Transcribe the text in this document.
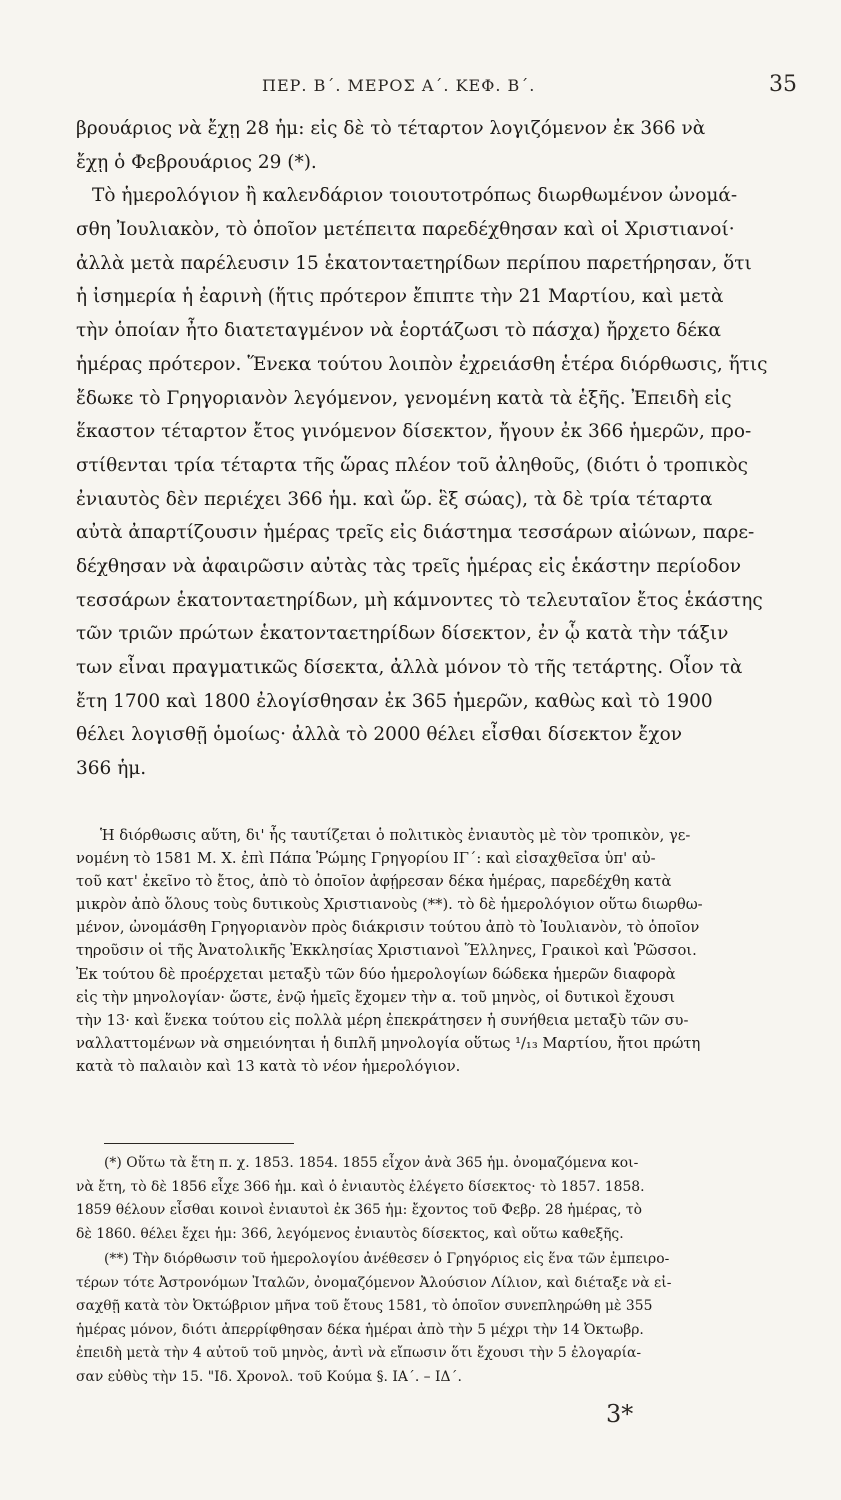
ΠΕΡ. Β΄. ΜΕΡΟΣ Α΄. ΚΕΦ. Β΄.	35
βρουάριος νὰ ἔχῃ 28 ἡμ: εἰς δὲ τὸ τέταρτον λογιζόμενον ἐκ 366 νὰ
ἔχῃ ὁ Φεβρουάριος 29 (*).
Τὸ ἡμερολόγιον ἢ καλενδάριον τοιουτοτρόπως διωρθωμένον ὠνομά-
σθη Ἰουλιακὸν, τὸ ὁποῖον μετέπειτα παρεδέχθησαν καὶ οἱ Χριστιανοί·
ἀλλὰ μετὰ παρέλευσιν 15 ἑκατονταετηρίδων περίπου παρετήρησαν, ὅτι
ἡ ἰσημερία ἡ ἐαρινὴ (ἥτις πρότερον ἔπιπτε τὴν 21 Μαρτίου, καὶ μετὰ
τὴν ὁποίαν ἦτο διατεταγμένον νὰ ἑορτάζωσι τὸ πάσχα) ἤρχετο δέκα
ἡμέρας πρότερον. Ἕνεκα τούτου λοιπὸν ἐχρειάσθη ἑτέρα διόρθωσις, ἥτις
ἔδωκε τὸ Γρηγοριανὸν λεγόμενον, γενομένη κατὰ τὰ ἑξῆς. Ἐπειδὴ εἰς
ἕκαστον τέταρτον ἔτος γινόμενον δίσεκτον, ἤγουν ἐκ 366 ἡμερῶν, προ-
στίθενται τρία τέταρτα τῆς ὥρας πλέον τοῦ ἀληθοῦς, (διότι ὁ τροπικὸς
ἐνιαυτὸς δὲν περιέχει 366 ἡμ. καὶ ὥρ. ἓξ σώας), τὰ δὲ τρία τέταρτα
αὐτὰ ἀπαρτίζουσιν ἡμέρας τρεῖς εἰς διάστημα τεσσάρων αἰώνων, παρε-
δέχθησαν νὰ ἀφαιρῶσιν αὐτὰς τὰς τρεῖς ἡμέρας εἰς ἑκάστην περίοδον
τεσσάρων ἑκατονταετηρίδων, μὴ κάμνοντες τὸ τελευταῖον ἔτος ἑκάστης
τῶν τριῶν πρώτων ἑκατονταετηρίδων δίσεκτον, ἐν ᾧ κατὰ τὴν τάξιν
των εἶναι πραγματικῶς δίσεκτα, ἀλλὰ μόνον τὸ τῆς τετάρτης. Οἷον τὰ
ἔτη 1700 καὶ 1800 ἐλογίσθησαν ἐκ 365 ἡμερῶν, καθὼς καὶ τὸ 1900
θέλει λογισθῇ ὁμοίως· ἀλλὰ τὸ 2000 θέλει εἶσθαι δίσεκτον ἔχον
366 ἡμ.
Ἡ διόρθωσις αὕτη, δι' ἧς ταυτίζεται ὁ πολιτικὸς ἐνιαυτὸς μὲ τὸν τροπικὸν, γε-
νομένη τὸ 1581 Μ. Χ. ἐπὶ Πάπα Ῥώμης Γρηγορίου ΙΓ΄: καὶ εἰσαχθεῖσα ὑπ' αὐ-
τοῦ κατ' ἐκεῖνο τὸ ἔτος, ἀπὸ τὸ ὁποῖον ἀφῄρεσαν δέκα ἡμέρας, παρεδέχθη κατὰ
μικρὸν ἀπὸ ὅλους τοὺς δυτικοὺς Χριστιανοὺς (**). τὸ δὲ ἡμερολόγιον οὕτω διωρθω-
μένον, ὠνομάσθη Γρηγοριανὸν πρὸς διάκρισιν τούτου ἀπὸ τὸ Ἰουλιανὸν, τὸ ὁποῖον
τηροῦσιν οἱ τῆς Ἀνατολικῆς Ἐκκλησίας Χριστιανοὶ Ἕλληνες, Γραικοὶ καὶ Ῥῶσσοι.
Ἐκ τούτου δὲ προέρχεται μεταξὺ τῶν δύο ἡμερολογίων δώδεκα ἡμερῶν διαφορὰ
εἰς τὴν μηνολογίαν· ὥστε, ἐνῷ ἡμεῖς ἔχομεν τὴν α. τοῦ μηνὸς, οἱ δυτικοὶ ἔχουσι
τὴν 13· καὶ ἕνεκα τούτου εἰς πολλὰ μέρη ἐπεκράτησεν ἡ συνήθεια μεταξὺ τῶν συ-
ναλλαττομένων νὰ σημειόνηται ἡ διπλῆ μηνολογία οὕτως ¹/₁₃ Μαρτίου, ἤτοι πρώτη
κατὰ τὸ παλαιὸν καὶ 13 κατὰ τὸ νέον ἡμερολόγιον.
(*) Οὕτω τὰ ἔτη π. χ. 1853. 1854. 1855 εἶχον ἀνὰ 365 ἡμ. ὀνομαζόμενα κοι-
νὰ ἔτη, τὸ δὲ 1856 εἶχε 366 ἡμ. καὶ ὁ ἐνιαυτὸς ἐλέγετο δίσεκτος· τὸ 1857. 1858.
1859 θέλουν εἶσθαι κοινοὶ ἐνιαυτοὶ ἐκ 365 ἡμ: ἔχοντος τοῦ Φεβρ. 28 ἡμέρας, τὸ
δὲ 1860. θέλει ἔχει ἡμ: 366, λεγόμενος ἐνιαυτὸς δίσεκτος, καὶ οὕτω καθεξῆς.
(**) Τὴν διόρθωσιν τοῦ ἡμερολογίου ἀνέθεσεν ὁ Γρηγόριος εἰς ἕνα τῶν ἐμπειρο-
τέρων τότε Ἀστρονόμων Ἰταλῶν, ὀνομαζόμενον Ἀλούσιον Λίλιον, καὶ διέταξε νὰ εἰ-
σαχθῇ κατὰ τὸν Ὀκτώβριον μῆνα τοῦ ἔτους 1581, τὸ ὁποῖον συνεπληρώθη μὲ 355
ἡμέρας μόνον, διότι ἀπερρίφθησαν δέκα ἡμέραι ἀπὸ τὴν 5 μέχρι τὴν 14 Ὀκτωβρ.
ἐπειδὴ μετὰ τὴν 4 αὐτοῦ τοῦ μηνὸς, ἀντὶ νὰ εἴπωσιν ὅτι ἔχουσι τὴν 5 ἐλογαρία-
σαν εὐθὺς τὴν 15. "Ιδ. Χρονολ. τοῦ Κούμα §. ΙΑ΄. – ΙΔ΄.
3*
